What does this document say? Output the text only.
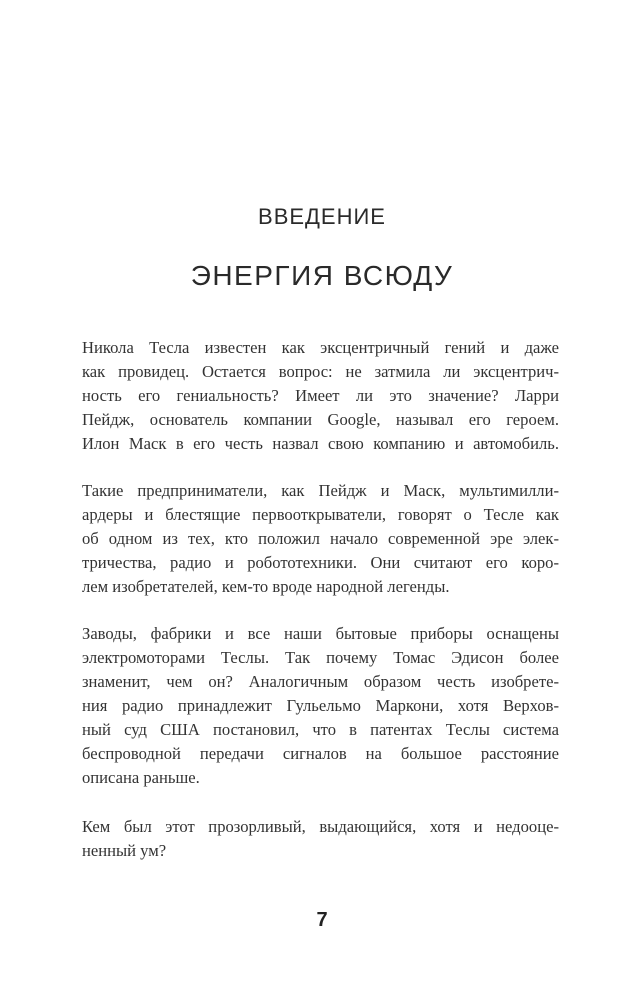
ВВЕДЕНИЕ
ЭНЕРГИЯ ВСЮДУ
Никола Тесла известен как эксцентричный гений и даже
как провидец. Остается вопрос: не затмила ли эксцентрич-
ность его гениальность? Имеет ли это значение? Ларри
Пейдж, основатель компании Google, называл его героем.
Илон Маск в его честь назвал свою компанию и автомобиль.
Такие предприниматели, как Пейдж и Маск, мультимилли-
ардеры и блестящие первооткрыватели, говорят о Тесле как
об одном из тех, кто положил начало современной эре элек-
тричества, радио и робототехники. Они считают его коро-
лем изобретателей, кем-то вроде народной легенды.
Заводы, фабрики и все наши бытовые приборы оснащены
электромоторами Теслы. Так почему Томас Эдисон более
знаменит, чем он? Аналогичным образом честь изобрете-
ния радио принадлежит Гульельмо Маркони, хотя Верхов-
ный суд США постановил, что в патентах Теслы система
беспроводной передачи сигналов на большое расстояние
описана раньше.
Кем был этот прозорливый, выдающийся, хотя и недооце-
ненный ум?
7
